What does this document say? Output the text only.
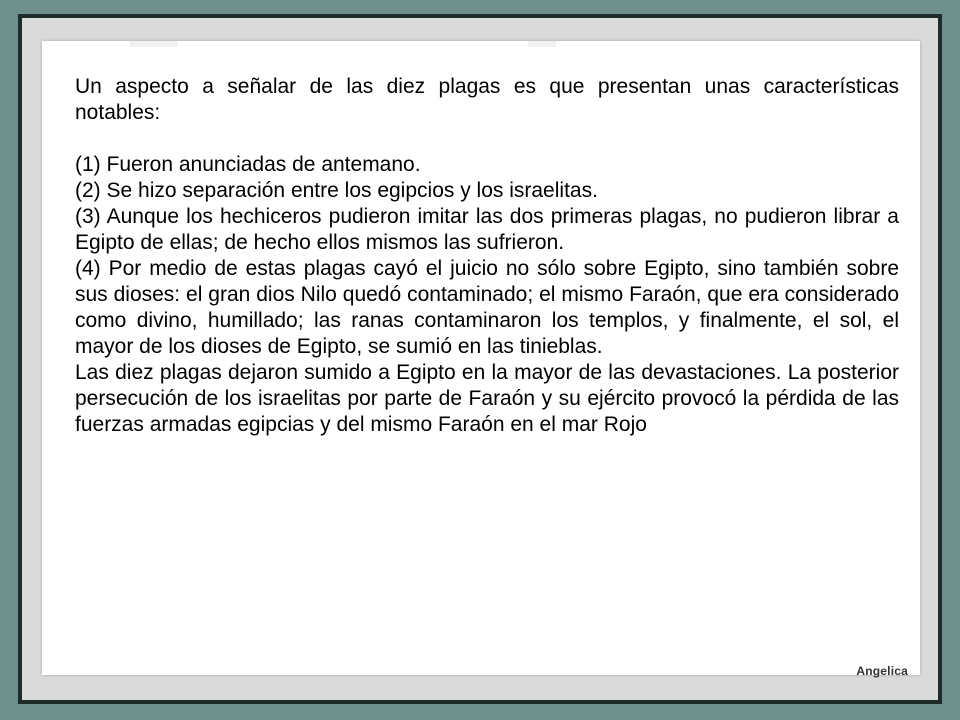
Un aspecto a señalar de las diez plagas es que presentan unas características notables:

(1) Fueron anunciadas de antemano.

(2) Se hizo separación entre los egipcios y los israelitas.

(3) Aunque los hechiceros pudieron imitar las dos primeras plagas, no pudieron librar a Egipto de ellas; de hecho ellos mismos las sufrieron.

(4) Por medio de estas plagas cayó el juicio no sólo sobre Egipto, sino también sobre sus dioses: el gran dios Nilo quedó contaminado; el mismo Faraón, que era considerado como divino, humillado; las ranas contaminaron los templos, y finalmente, el sol, el mayor de los dioses de Egipto, se sumió en las tinieblas.

Las diez plagas dejaron sumido a Egipto en la mayor de las devastaciones. La posterior persecución de los israelitas por parte de Faraón y su ejército provocó la pérdida de las fuerzas armadas egipcias y del mismo Faraón en el mar Rojo

Angelica
